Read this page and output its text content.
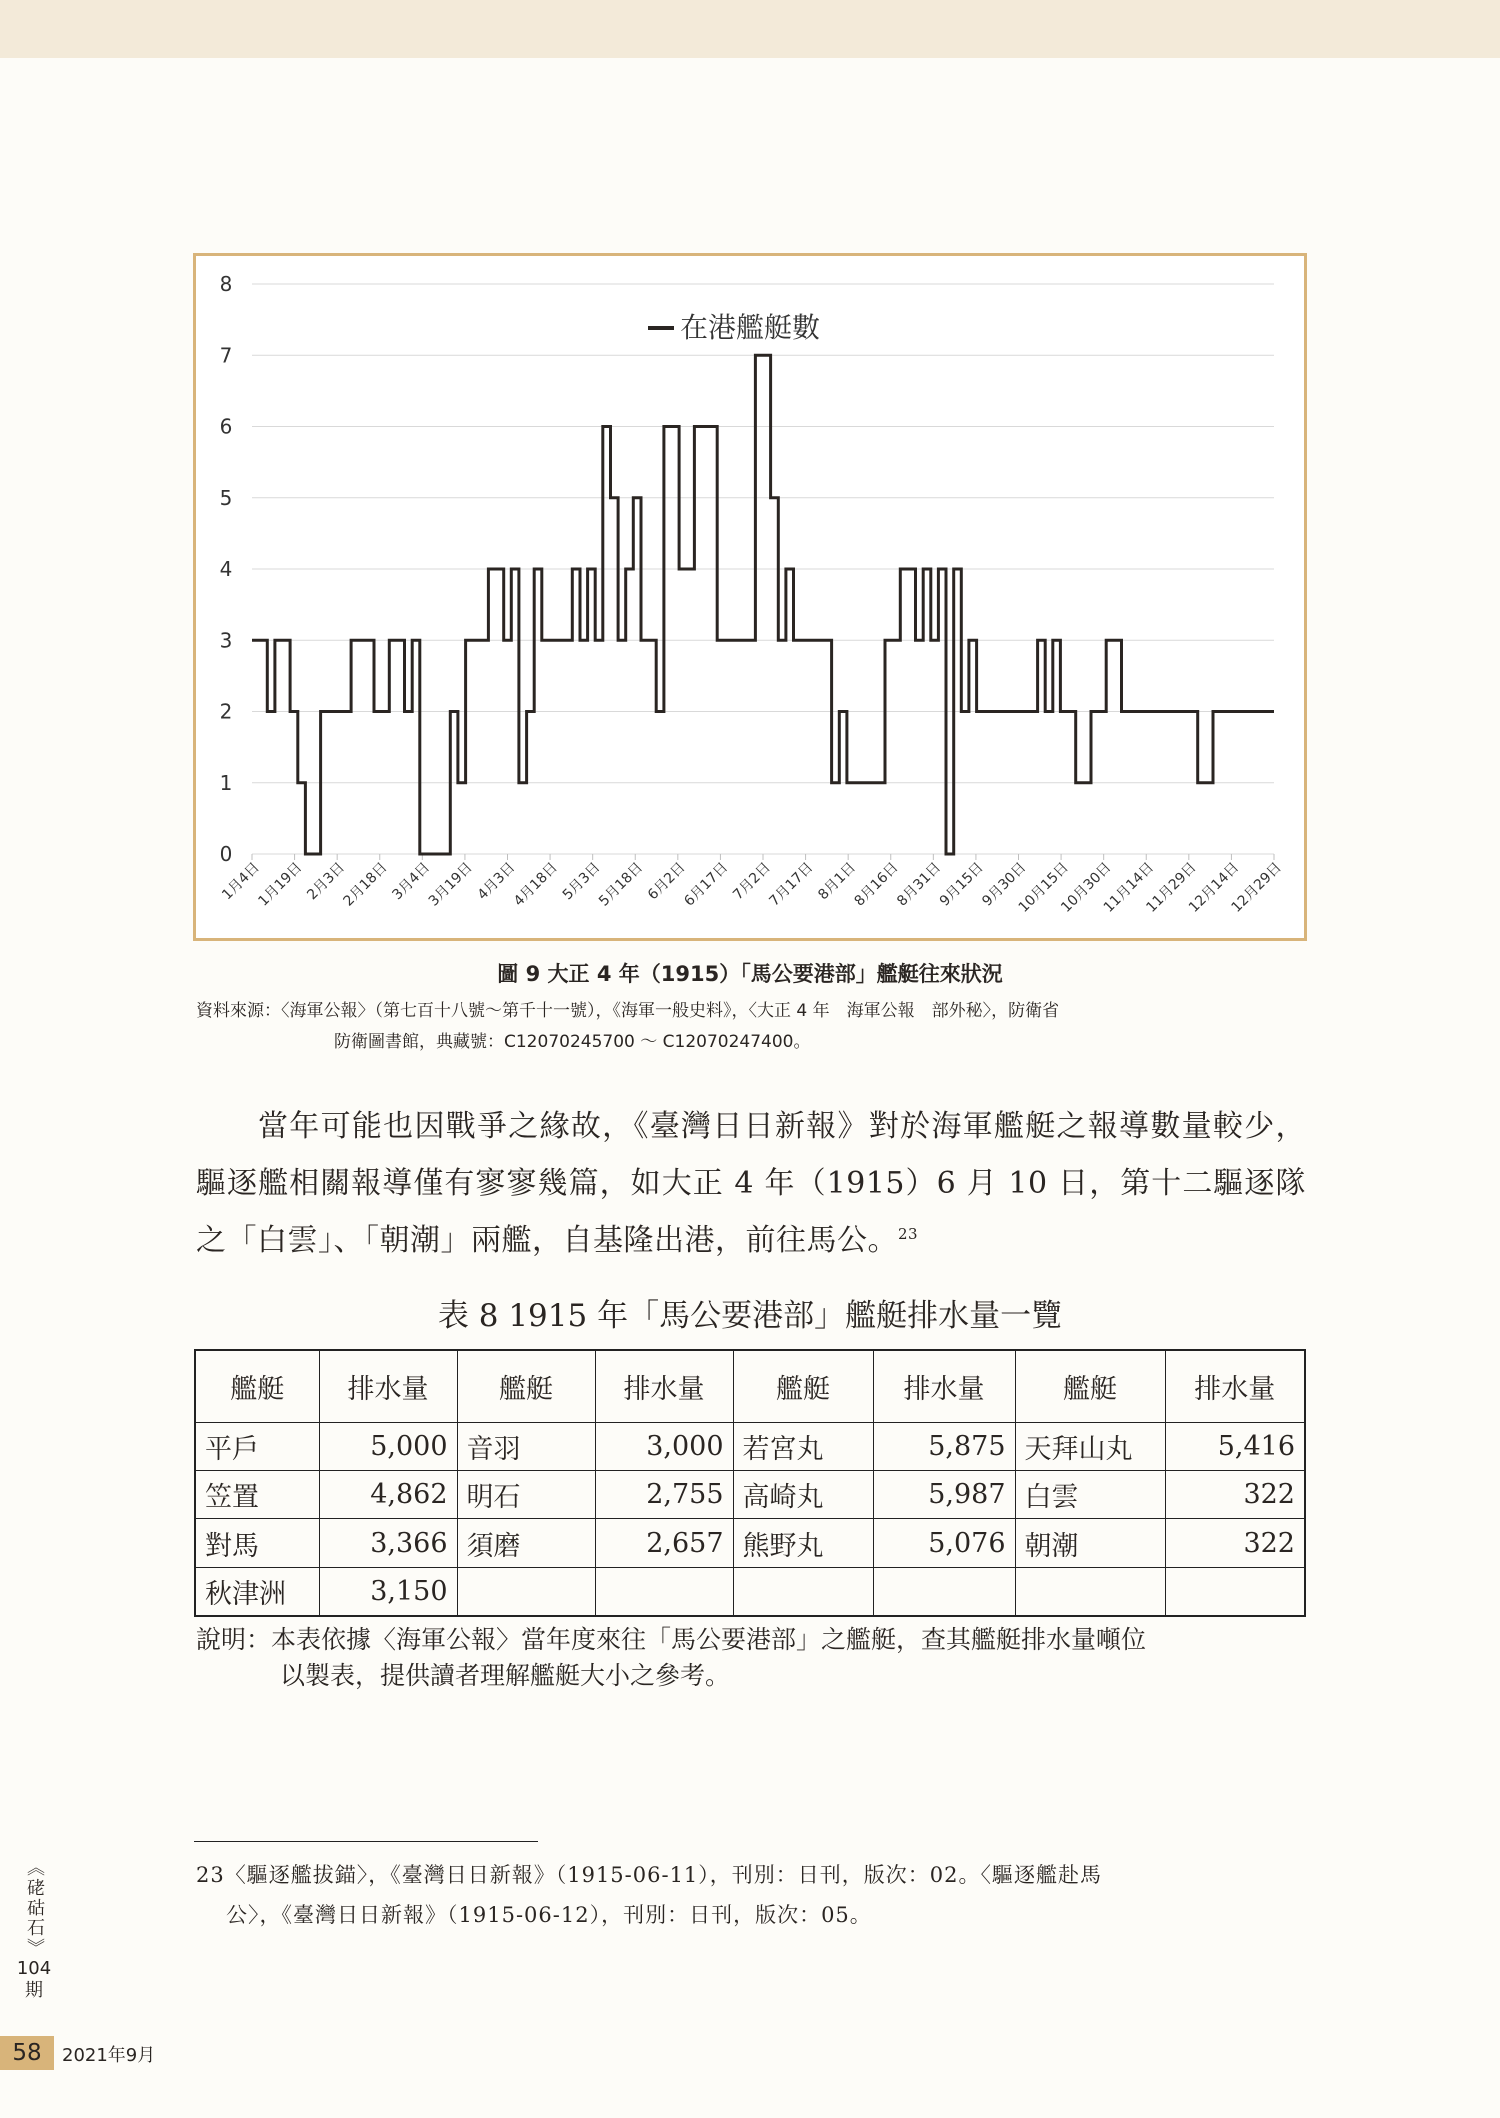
0
1
2
3
4
5
6
7
8
1月4日
1月19日
2月3日
2月18日
3月4日
3月19日
4月3日
4月18日
5月3日
5月18日
6月2日
6月17日
7月2日
7月17日
8月1日
8月16日
8月31日
9月15日
9月30日
10月15日
10月30日
11月14日
11月29日
12月14日
12月29日
在港艦艇數
圖 9 大正 4 年（1915）「馬公要港部」艦艇往來狀況
資料來源：〈海軍公報〉（第七百十八號～第千十一號），《海軍一般史料》，〈大正 4 年　海軍公報　部外秘〉，防衛省
防衛圖書館，典藏號：C12070245700 ～ C12070247400。
當年可能也因戰爭之緣故，《臺灣日日新報》對於海軍艦艇之報導數量較少，驅逐艦相關報導僅有寥寥幾篇，如大正 4 年（1915）6 月 10 日，第十二驅逐隊之「白雲」、「朝潮」兩艦，自基隆出港，前往馬公。$^{23}$
表 8 1915 年「馬公要港部」艦艇排水量一覽
艦艇	排水量	艦艇	排水量	艦艇	排水量	艦艇	排水量
平戶	5,000	音羽	3,000	若宮丸	5,875	天拜山丸	5,416
笠置	4,862	明石	2,755	高崎丸	5,987	白雲	322
對馬	3,366	須磨	2,657	熊野丸	5,076	朝潮	322
秋津洲	3,150						
說明：本表依據〈海軍公報〉當年度來往「馬公要港部」之艦艇，查其艦艇排水量噸位
以製表，提供讀者理解艦艇大小之參考。
23〈驅逐艦拔錨〉，《臺灣日日新報》（1915-06-11），刊別：日刊，版次：02。〈驅逐艦赴馬
公〉，《臺灣日日新報》（1915-06-12），刊別：日刊，版次：05。
《硓𥑮石》
104
期
58	2021年9月
